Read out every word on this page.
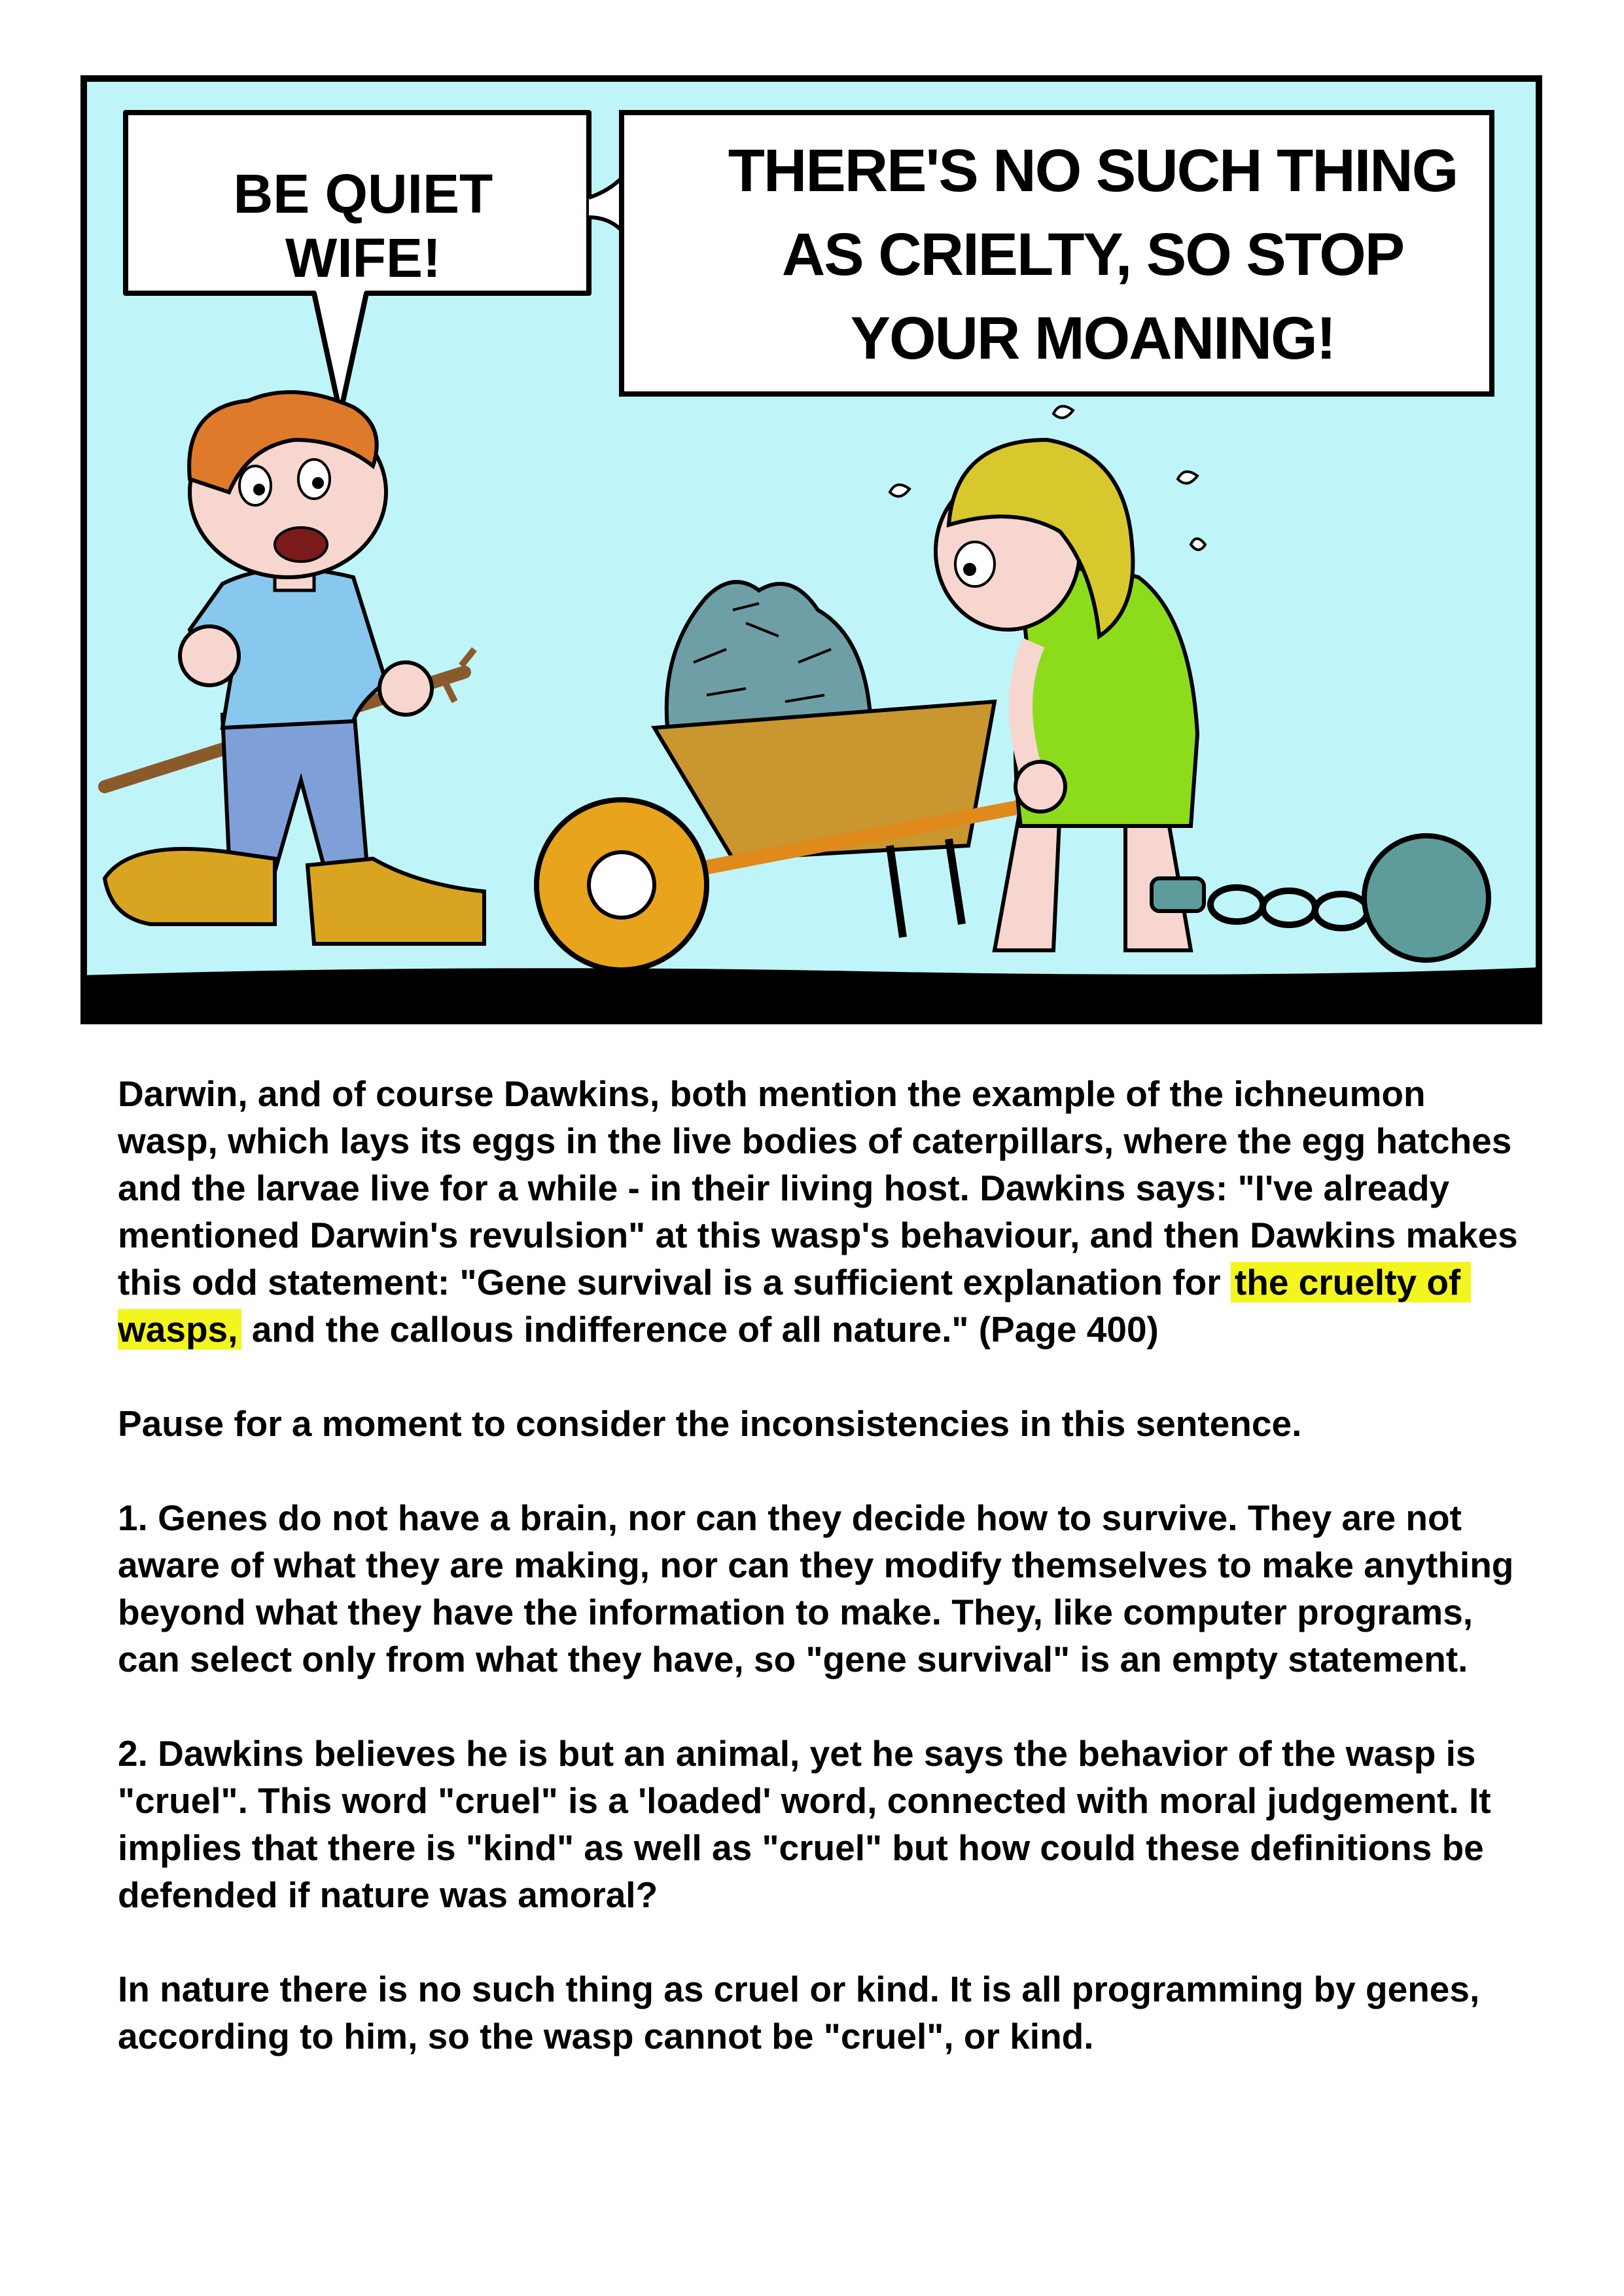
BE QUIET WIFE!
THERE'S NO SUCH THING AS CRIELTY, SO STOP YOUR MOANING!

Darwin, and of course Dawkins, both mention the example of the ichneumon wasp, which lays its eggs in the live bodies of caterpillars, where the egg hatches and the larvae live for a while - in their living host. Dawkins says: "I've already mentioned Darwin's revulsion" at this wasp's behaviour, and then Dawkins makes this odd statement: "Gene survival is a sufficient explanation for the cruelty of wasps, and the callous indifference of all nature." (Page 400)

Pause for a moment to consider the inconsistencies in this sentence.

1. Genes do not have a brain, nor can they decide how to survive. They are not aware of what they are making, nor can they modify themselves to make anything beyond what they have the information to make. They, like computer programs, can select only from what they have, so "gene survival" is an empty statement.

2. Dawkins believes he is but an animal, yet he says the behavior of the wasp is "cruel". This word "cruel" is a 'loaded' word, connected with moral judgement. It implies that there is "kind" as well as "cruel" but how could these definitions be defended if nature was amoral?

In nature there is no such thing as cruel or kind. It is all programming by genes, according to him, so the wasp cannot be "cruel", or kind.
